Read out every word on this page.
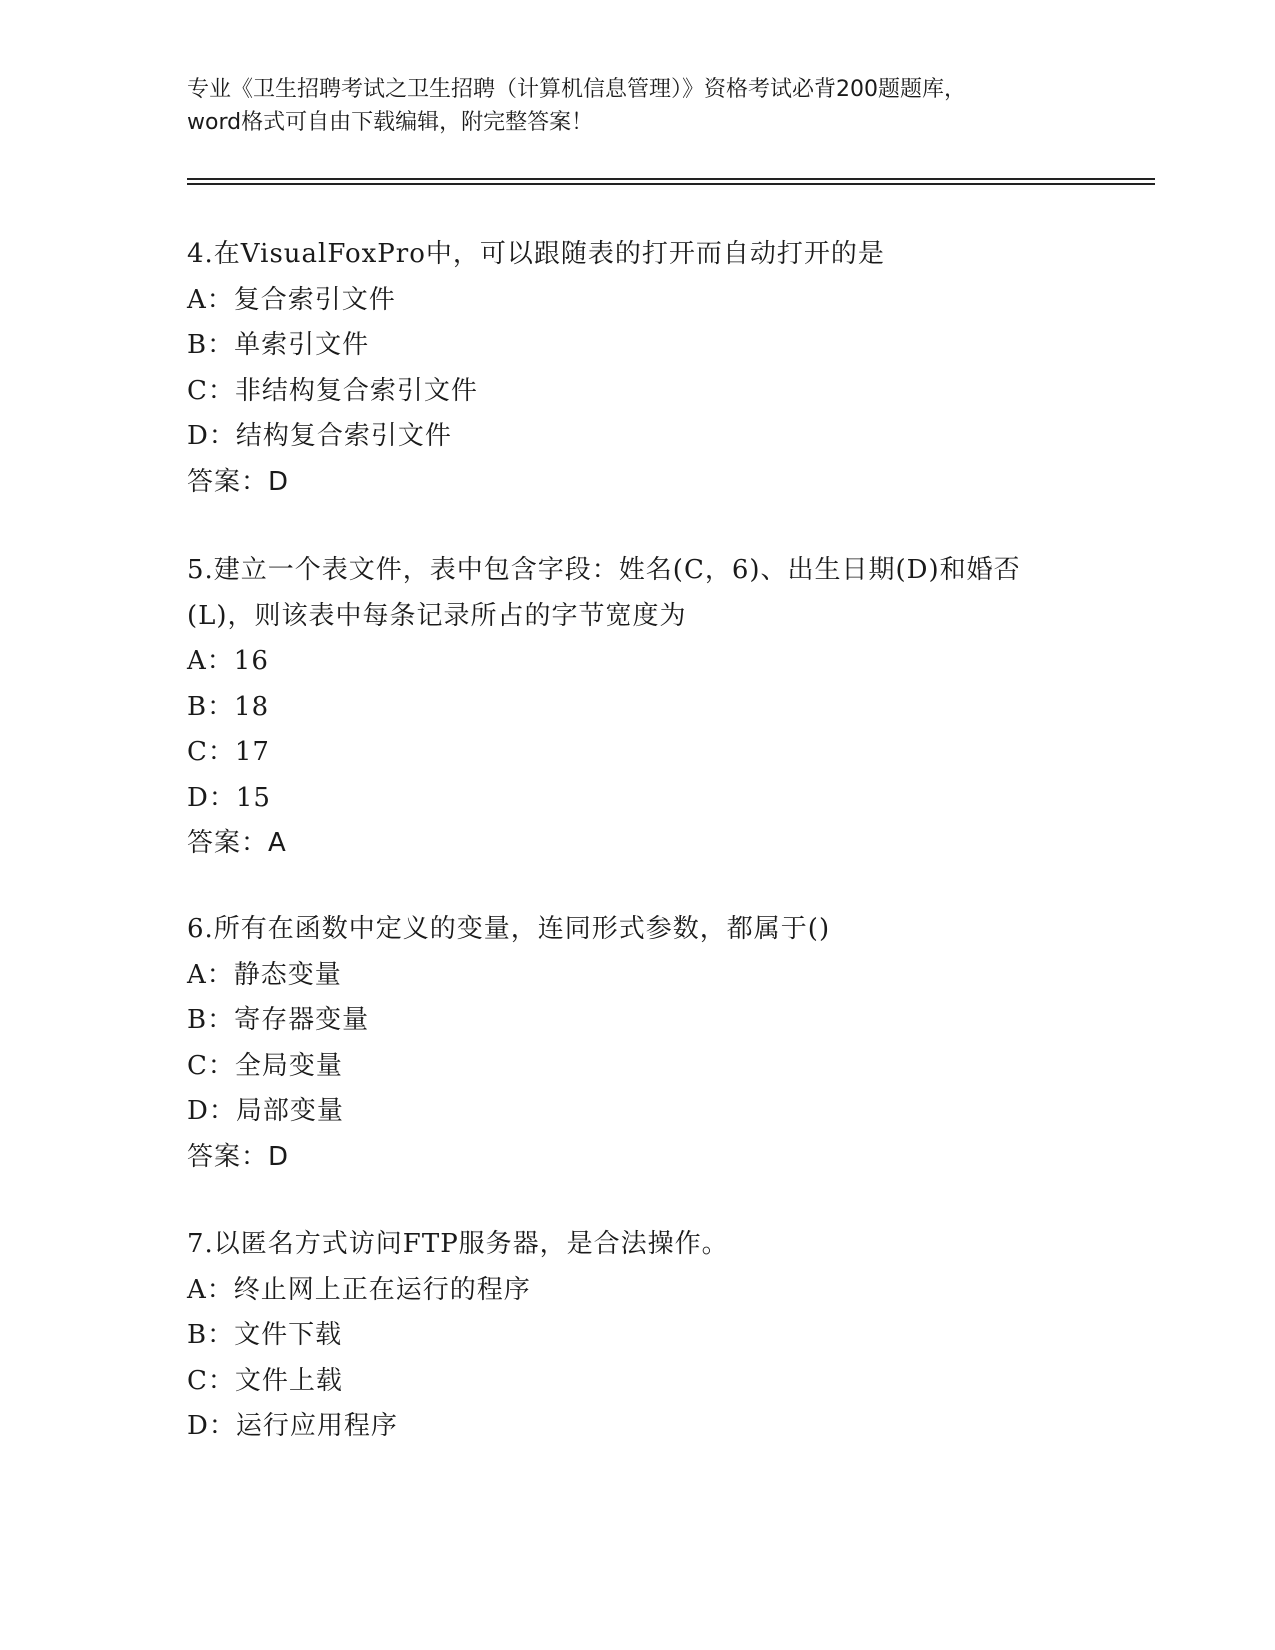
专业《卫生招聘考试之卫生招聘（计算机信息管理）》资格考试必背200题题库，
word格式可自由下载编辑，附完整答案！
4.在VisualFoxPro中，可以跟随表的打开而自动打开的是
A：复合索引文件
B：单索引文件
C：非结构复合索引文件
D：结构复合索引文件
答案：D
5.建立一个表文件，表中包含字段：姓名(C，6)、出生日期(D)和婚否
(L)，则该表中每条记录所占的字节宽度为
A：16
B：18
C：17
D：15
答案：A
6.所有在函数中定义的变量，连同形式参数，都属于()
A：静态变量
B：寄存器变量
C：全局变量
D：局部变量
答案：D
7.以匿名方式访问FTP服务器，是合法操作。
A：终止网上正在运行的程序
B：文件下载
C：文件上载
D：运行应用程序
